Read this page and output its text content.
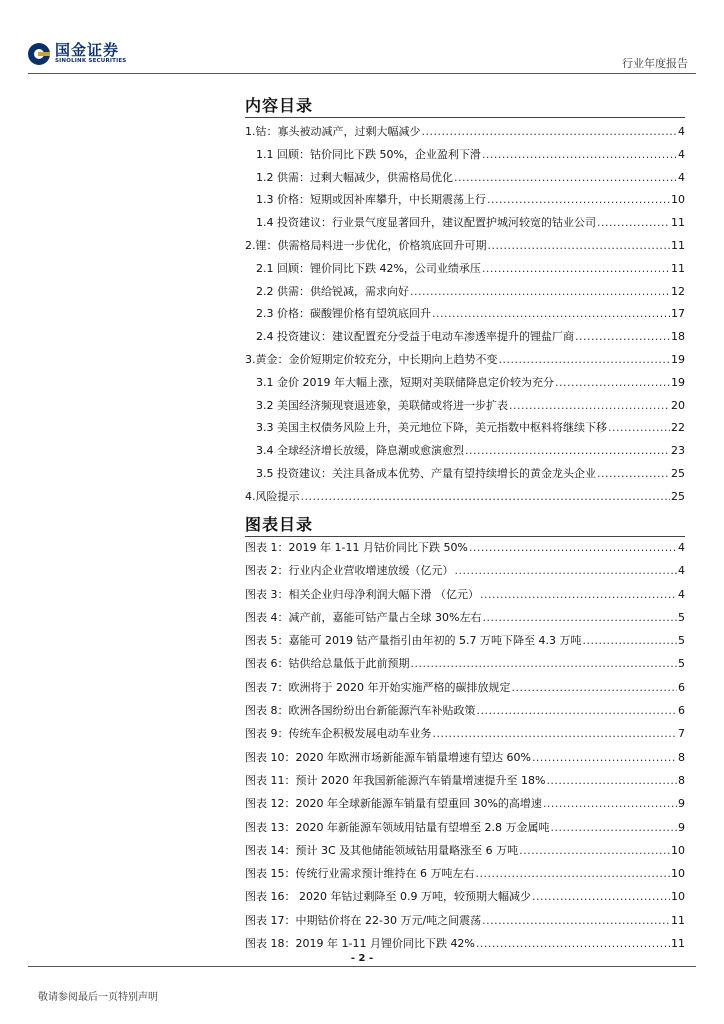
国金证券
SINOLINK SECURITIES	行业年度报告
内容目录
1.钴：寡头被动减产，过剩大幅减少 .....	4
1.1 回顾：钴价同比下跌 50%，企业盈利下滑 .....	4
1.2 供需：过剩大幅减少，供需格局优化 .....	4
1.3 价格：短期或因补库攀升，中长期震荡上行 .....	10
1.4 投资建议：行业景气度显著回升，建议配置护城河较宽的钴业公司 .....	11
2.锂：供需格局料进一步优化，价格筑底回升可期 .....	11
2.1 回顾：锂价同比下跌 42%，公司业绩承压 .....	11
2.2 供需：供给锐减，需求向好 .....	12
2.3 价格：碳酸锂价格有望筑底回升 .....	17
2.4 投资建议：建议配置充分受益于电动车渗透率提升的锂盐厂商 .....	18
3.黄金：金价短期定价较充分，中长期向上趋势不变 .....	19
3.1 金价 2019 年大幅上涨，短期对美联储降息定价较为充分 .....	19
3.2 美国经济频现衰退迹象，美联储或将进一步扩表 .....	20
3.3 美国主权债务风险上升，美元地位下降，美元指数中枢料将继续下移 .....	22
3.4 全球经济增长放缓，降息潮或愈演愈烈 .....	23
3.5 投资建议：关注具备成本优势、产量有望持续增长的黄金龙头企业 .....	25
4.风险提示 .....	25
图表目录
图表 1：2019 年 1-11 月钴价同比下跌 50% .....	4
图表 2：行业内企业营收增速放缓（亿元） .....	4
图表 3：相关企业归母净利润大幅下滑 （亿元） .....	4
图表 4：减产前，嘉能可钴产量占全球 30%左右 .....	5
图表 5：嘉能可 2019 钴产量指引由年初的 5.7 万吨下降至 4.3 万吨 .....	5
图表 6：钴供给总量低于此前预期 .....	5
图表 7：欧洲将于 2020 年开始实施严格的碳排放规定 .....	6
图表 8：欧洲各国纷纷出台新能源汽车补贴政策 .....	6
图表 9：传统车企积极发展电动车业务 .....	7
图表 10：2020 年欧洲市场新能源车销量增速有望达 60% .....	8
图表 11：预计 2020 年我国新能源汽车销量增速提升至 18% .....	8
图表 12：2020 年全球新能源车销量有望重回 30%的高增速 .....	9
图表 13：2020 年新能源车领域用钴量有望增至 2.8 万金属吨 .....	9
图表 14：预计 3C 及其他储能领域钴用量略涨至 6 万吨 .....	10
图表 15：传统行业需求预计维持在 6 万吨左右 .....	10
图表 16： 2020 年钴过剩降至 0.9 万吨，较预期大幅减少 .....	10
图表 17：中期钴价将在 22-30 万元/吨之间震荡 .....	11
图表 18：2019 年 1-11 月锂价同比下跌 42% .....	11
- 2 -
敬请参阅最后一页特别声明
